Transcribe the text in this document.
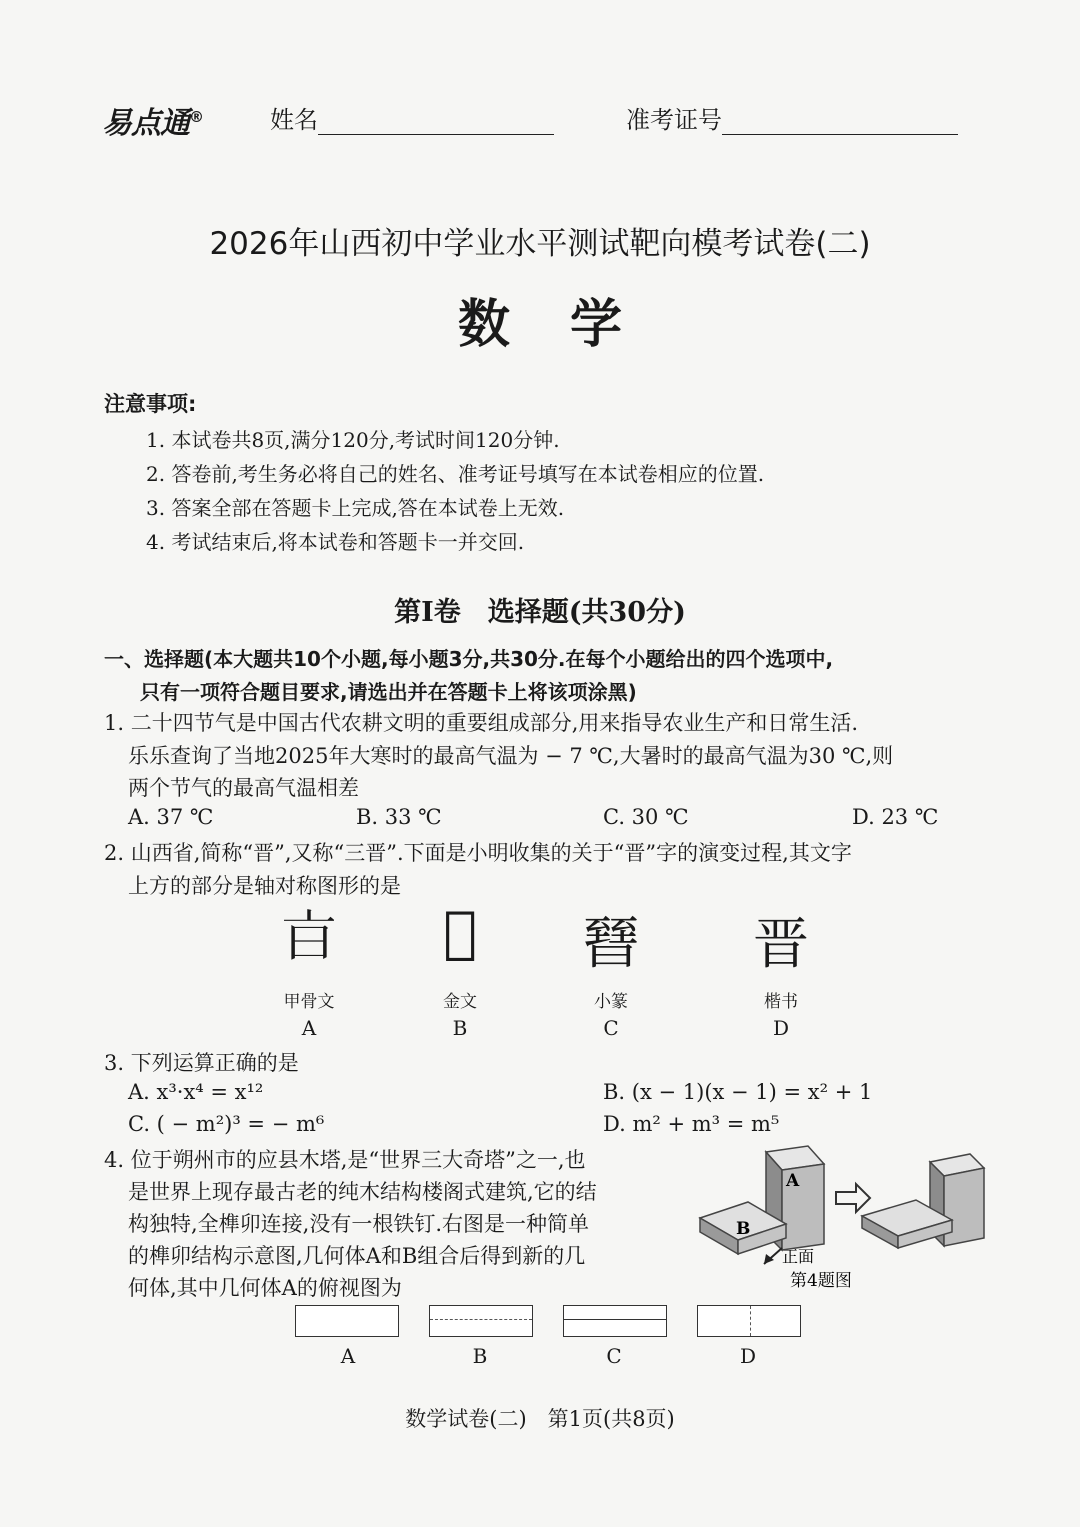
易点通®	姓名	准考证号
2026年山西初中学业水平测试靶向模考试卷(二)
数学
注意事项:
1. 本试卷共8页,满分120分,考试时间120分钟.
2. 答卷前,考生务必将自己的姓名、准考证号填写在本试卷相应的位置.
3. 答案全部在答题卡上完成,答在本试卷上无效.
4. 考试结束后,将本试卷和答题卡一并交回.
第Ⅰ卷　选择题(共30分)
一、选择题(本大题共10个小题,每小题3分,共30分.在每个小题给出的四个选项中,
只有一项符合题目要求,请选出并在答题卡上将该项涂黑)
1. 二十四节气是中国古代农耕文明的重要组成部分,用来指导农业生产和日常生活.
乐乐查询了当地2025年大寒时的最高气温为 − 7 ℃,大暑时的最高气温为30 ℃,则
两个节气的最高气温相差
A. 37 ℃	B. 33 ℃	C. 30 ℃	D. 23 ℃
2. 山西省,简称“晋”,又称“三晋”.下面是小明收集的关于“晋”字的演变过程,其文字
上方的部分是轴对称图形的是
𣅀	𣆎	㬜	晋
甲骨文	金文	小篆	楷书
A	B	C	D
3. 下列运算正确的是
A. x³·x⁴ = x¹²	B. (x − 1)(x − 1) = x² + 1
C. ( − m²)³ = − m⁶	D. m² + m³ = m⁵
4. 位于朔州市的应县木塔,是“世界三大奇塔”之一,也
是世界上现存最古老的纯木结构楼阁式建筑,它的结
构独特,全榫卯连接,没有一根铁钉.右图是一种简单
的榫卯结构示意图,几何体A和B组合后得到新的几
何体,其中几何体A的俯视图为
A
B
正面
第4题图
A	B	C	D
数学试卷(二)　第1页(共8页)
